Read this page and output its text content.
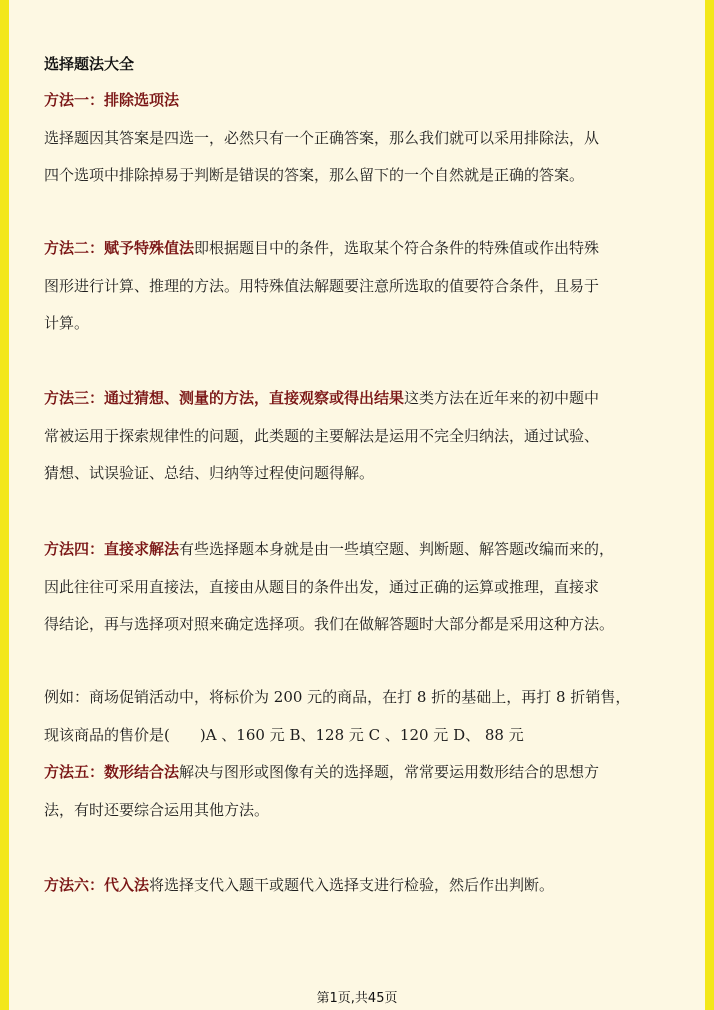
选择题法大全
方法一：排除选项法
选择题因其答案是四选一，必然只有一个正确答案，那么我们就可以采用排除法，从
四个选项中排除掉易于判断是错误的答案，那么留下的一个自然就是正确的答案。
方法二：赋予特殊值法即根据题目中的条件，选取某个符合条件的特殊值或作出特殊
图形进行计算、推理的方法。用特殊值法解题要注意所选取的值要符合条件，且易于
计算。
方法三：通过猜想、测量的方法，直接观察或得出结果这类方法在近年来的初中题中
常被运用于探索规律性的问题，此类题的主要解法是运用不完全归纳法，通过试验、
猜想、试误验证、总结、归纳等过程使问题得解。
方法四：直接求解法有些选择题本身就是由一些填空题、判断题、解答题改编而来的，
因此往往可采用直接法，直接由从题目的条件出发，通过正确的运算或推理，直接求
得结论，再与选择项对照来确定选择项。我们在做解答题时大部分都是采用这种方法。
例如：商场促销活动中，将标价为 200 元的商品，在打 8 折的基础上，再打 8 折销售，
现该商品的售价是(　　)A 、160 元 B、128 元 C 、120 元 D、 88 元
方法五：数形结合法解决与图形或图像有关的选择题，常常要运用数形结合的思想方
法，有时还要综合运用其他方法。
方法六：代入法将选择支代入题干或题代入选择支进行检验，然后作出判断。
第1页,共45页
